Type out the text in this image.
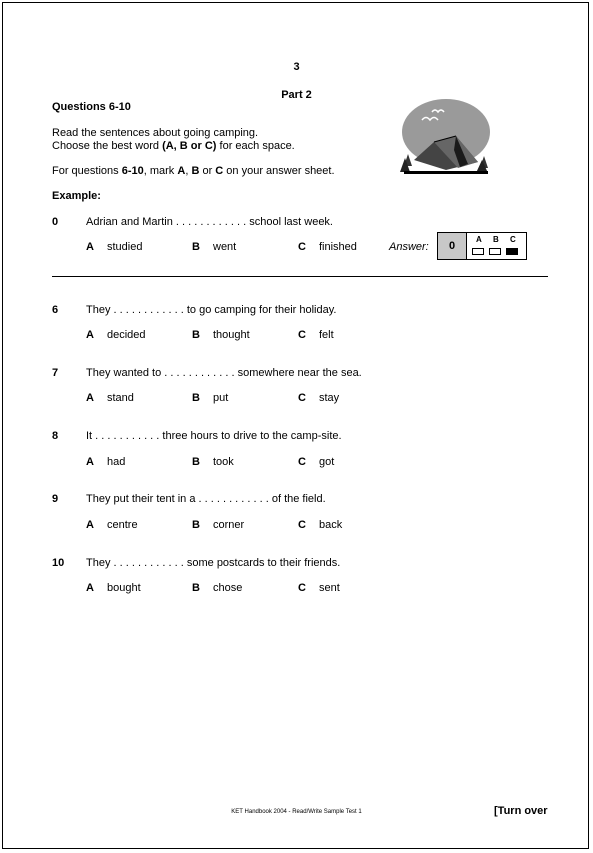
3
Part 2
Questions 6-10
Read the sentences about going camping.
Choose the best word (A, B or C) for each space.
For questions 6-10, mark A, B or C on your answer sheet.
Example:
0	Adrian and Martin . . . . . . . . . . . . school last week.
A studied	B went	C finished	Answer:	0
A B C
6	They . . . . . . . . . . . . to go camping for their holiday.
A decided	B thought	C felt
7	They wanted to . . . . . . . . . . . . somewhere near the sea.
A stand	B put	C stay
8	It . . . . . . . . . . . three hours to drive to the camp-site.
A had	B took	C got
9	They put their tent in a . . . . . . . . . . . . of the field.
A centre	B corner	C back
10 They . . . . . . . . . . . . some postcards to their friends.
A bought	B chose	C sent
KET Handbook 2004 - Read/Write Sample Test 1	[Turn over
